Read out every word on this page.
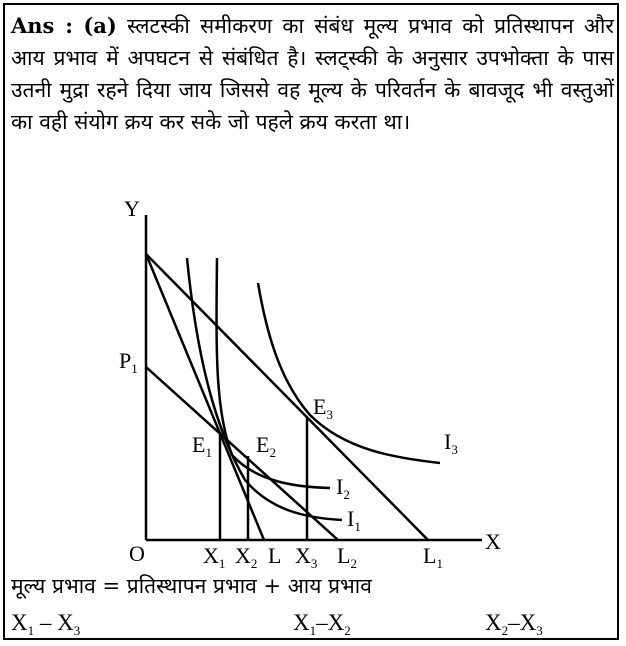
Ans : (a) स्लटस्की समीकरण का संबंध मूल्य प्रभाव को प्रतिस्थापन और आय प्रभाव में अपघटन से संबंधित है। स्लट्स्की के अनुसार उपभोक्ता के पास उतनी मुद्रा रहने दिया जाय जिससे वह मूल्य के परिवर्तन के बावजूद भी वस्तुओं का वही संयोग क्रय कर सके जो पहले क्रय करता था।
Y
X
O
$P_1$
$E_1$ $E_2$
$E_3$
$I_3$
$I_2$
$I_1$
$X_1$ $X_2$ L $X_3$ $L_2$	$L_1$
मूल्य प्रभाव = प्रतिस्थापन प्रभाव + आय प्रभाव
$X_1 - X_3$	$X_1-X_2$	$X_2-X_3$
